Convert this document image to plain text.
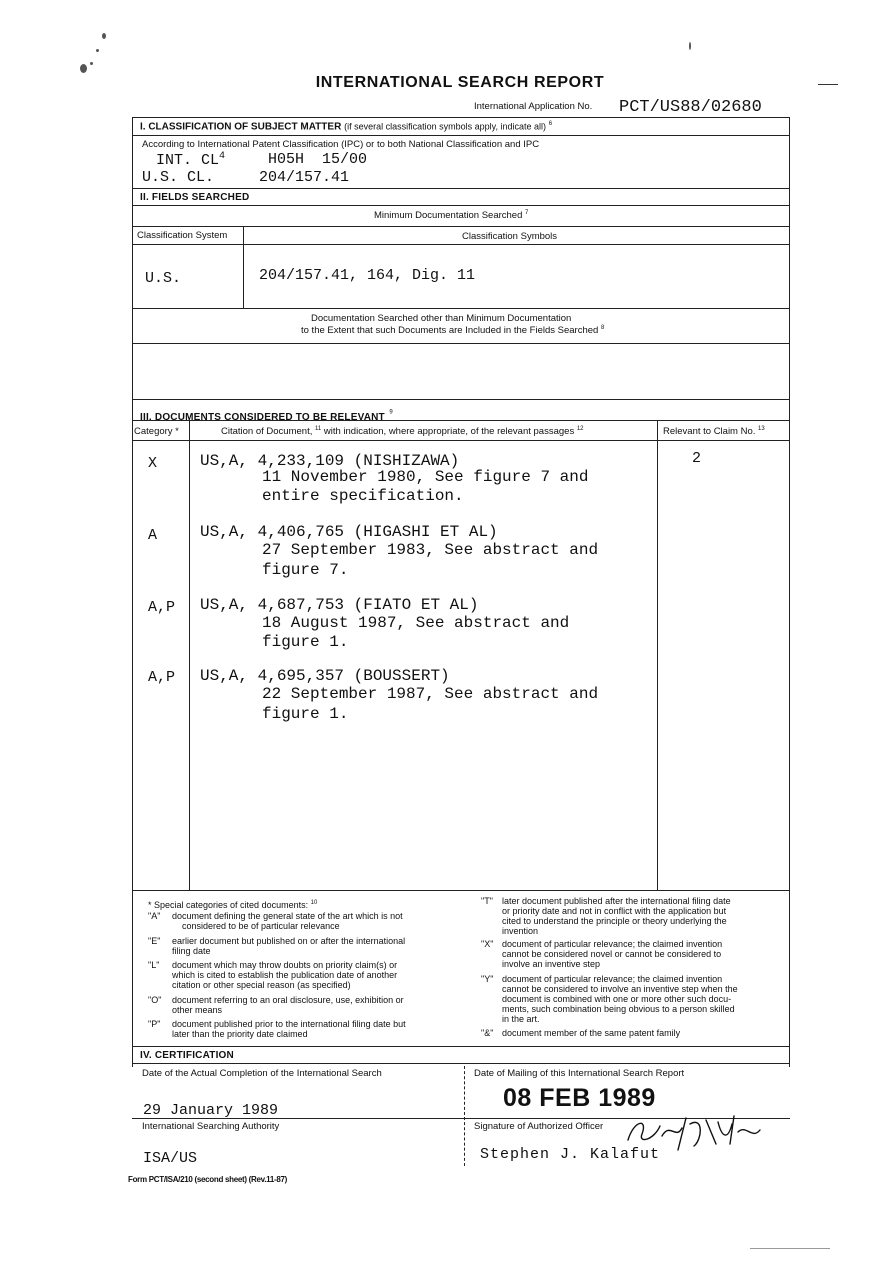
INTERNATIONAL SEARCH REPORT
International Application No. PCT/US88/02680
I. CLASSIFICATION OF SUBJECT MATTER (if several classification symbols apply, indicate all) $^6$
According to International Patent Classification (IPC) or to both National Classification and IPC
INT. $CL^4$	H05H  15/00
U.S. CL.	204/157.41
II. FIELDS SEARCHED
Minimum Documentation Searched $^7$
Classification System	Classification Symbols
U.S.	204/157.41, 164, Dig. 11
Documentation Searched other than Minimum Documentation
to the Extent that such Documents are Included in the Fields Searched $^8$
III. DOCUMENTS CONSIDERED TO BE RELEVANT $^9$
Category *	Citation of Document, $^{11}$ with indication, where appropriate, of the relevant passages $^{12}$	Relevant to Claim No. $^{13}$
X	US,A, 4,233,109 (NISHIZAWA)
11 November 1980, See figure 7 and
entire specification.
2
A	US,A, 4,406,765 (HIGASHI ET AL)
27 September 1983, See abstract and
figure 7.
A,P US,A, 4,687,753 (FIATO ET AL)
18 August 1987, See abstract and
figure 1.
A,P US,A, 4,695,357 (BOUSSERT)
22 September 1987, See abstract and
figure 1.
* Special categories of cited documents: $^{10}$
"A" document defining the general state of the art which is not
considered to be of particular relevance
"E" earlier document but published on or after the international
filing date
"L" document which may throw doubts on priority claim(s) or
which is cited to establish the publication date of another
citation or other special reason (as specified)
"O" document referring to an oral disclosure, use, exhibition or
other means
"P" document published prior to the international filing date but
later than the priority date claimed
"T" later document published after the international filing date
or priority date and not in conflict with the application but
cited to understand the principle or theory underlying the
invention
"X" document of particular relevance; the claimed invention
cannot be considered novel or cannot be considered to
involve an inventive step
"Y" document of particular relevance; the claimed invention
cannot be considered to involve an inventive step when the
document is combined with one or more other such docu-
ments, such combination being obvious to a person skilled
in the art.
"&" document member of the same patent family
IV. CERTIFICATION
Date of the Actual Completion of the International Search
29 January 1989
Date of Mailing of this International Search Report
08 FEB 1989
International Searching Authority
ISA/US
Signature of Authorized Officer
Stephen J. Kalafut
Form PCT/ISA/210 (second sheet) (Rev.11-87)
